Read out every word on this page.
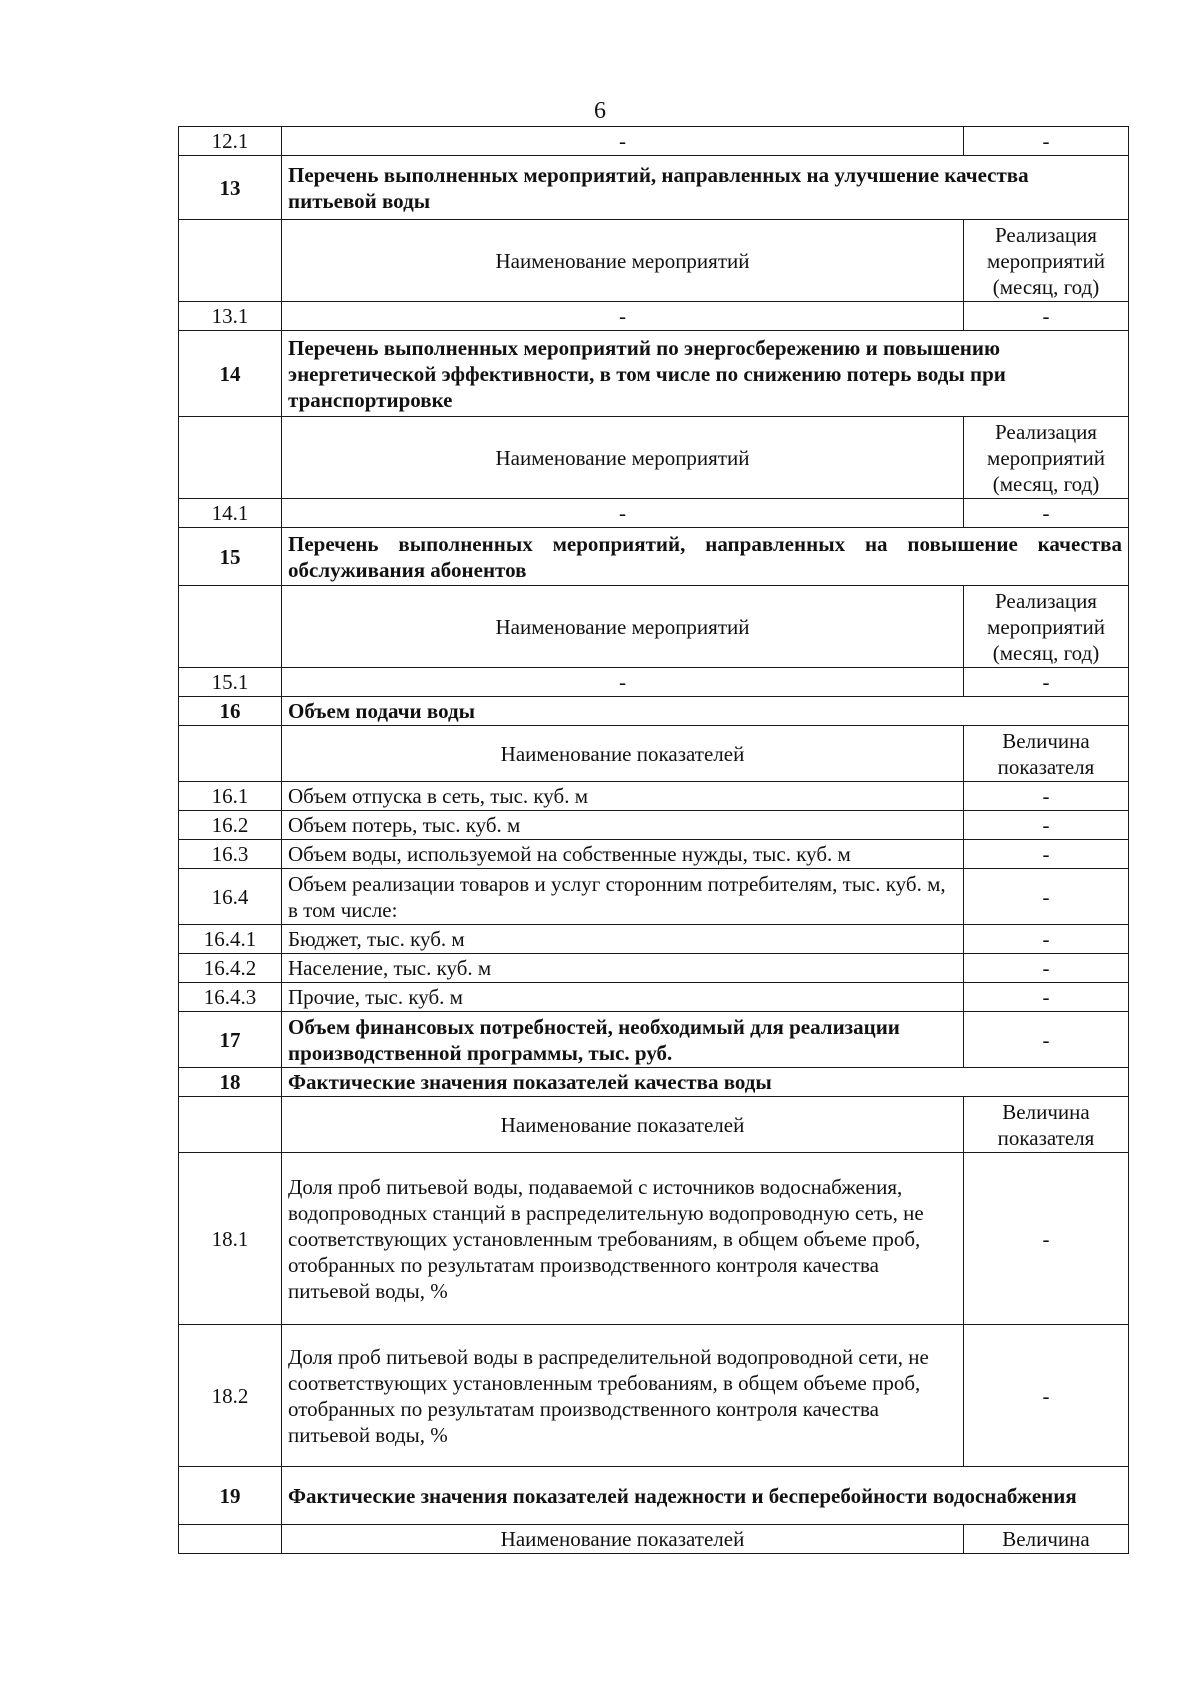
6
12.1	-	-
13	Перечень выполненных мероприятий, направленных на улучшение качества питьевой воды	
	Наименование мероприятий	Реализация мероприятий (месяц, год)
13.1	-	-
14	Перечень выполненных мероприятий по энергосбережению и повышению энергетической эффективности, в том числе по снижению потерь воды при транспортировке	
	Наименование мероприятий	Реализация мероприятий (месяц, год)
14.1	-	-
15	Перечень выполненных мероприятий, направленных на повышение качества обслуживания абонентов	
	Наименование мероприятий	Реализация мероприятий (месяц, год)
15.1	-	-
16	Объем подачи воды	
	Наименование показателей	Величина показателя
16.1	Объем отпуска в сеть, тыс. куб. м	-
16.2	Объем потерь, тыс. куб. м	-
16.3	Объем воды, используемой на собственные нужды, тыс. куб. м	-
16.4	Объем реализации товаров и услуг сторонним потребителям, тыс. куб. м, в том числе:	-
16.4.1	Бюджет, тыс. куб. м	-
16.4.2	Население, тыс. куб. м	-
16.4.3	Прочие, тыс. куб. м	-
17	Объем финансовых потребностей, необходимый для реализации производственной программы, тыс. руб.	-
18	Фактические значения показателей качества воды	
	Наименование показателей	Величина показателя
18.1	Доля проб питьевой воды, подаваемой с источников водоснабжения, водопроводных станций в распределительную водопроводную сеть, не соответствующих установленным требованиям, в общем объеме проб, отобранных по результатам производственного контроля качества питьевой воды, %	-
18.2	Доля проб питьевой воды в распределительной водопроводной сети, не соответствующих установленным требованиям, в общем объеме проб, отобранных по результатам производственного контроля качества питьевой воды, %	-
19	Фактические значения показателей надежности и бесперебойности водоснабжения	
	Наименование показателей	Величина
